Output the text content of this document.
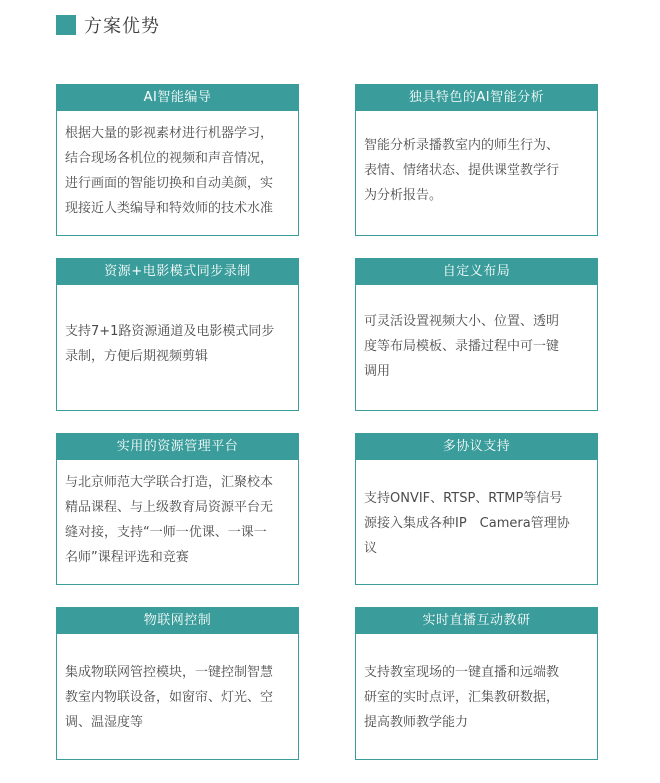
方案优势
AI智能编导
根据大量的影视素材进行机器学习，
结合现场各机位的视频和声音情况，
进行画面的智能切换和自动美颜，实
现接近人类编导和特效师的技术水准
独具特色的AI智能分析
智能分析录播教室内的师生行为、
表情、情绪状态、提供课堂教学行
为分析报告。
资源+电影模式同步录制
支持7+1路资源通道及电影模式同步
录制，方便后期视频剪辑
自定义布局
可灵活设置视频大小、位置、透明
度等布局模板、录播过程中可一键
调用
实用的资源管理平台
与北京师范大学联合打造，汇聚校本
精品课程、与上级教育局资源平台无
缝对接，支持“一师一优课、一课一
名师”课程评选和竞赛
多协议支持
支持ONVIF、RTSP、RTMP等信号
源接入集成各种IP　Camera管理协
议
物联网控制
集成物联网管控模块，一键控制智慧
教室内物联设备，如窗帘、灯光、空
调、温湿度等
实时直播互动教研
支持教室现场的一键直播和远端教
研室的实时点评，汇集教研数据，
提高教师教学能力
